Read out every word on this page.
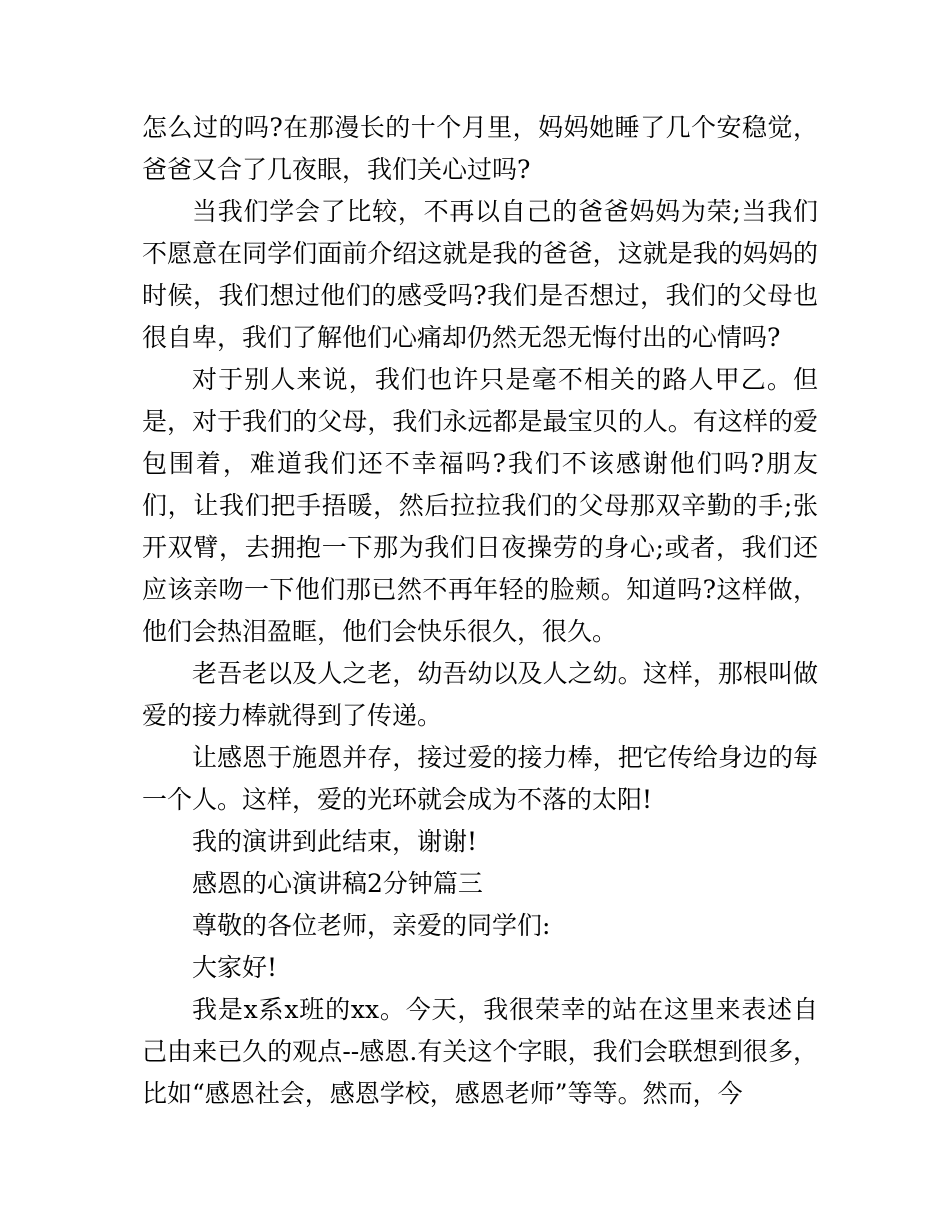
怎么过的吗?在那漫长的十个月里，妈妈她睡了几个安稳觉，爸爸又合了几夜眼，我们关心过吗?

当我们学会了比较，不再以自己的爸爸妈妈为荣;当我们不愿意在同学们面前介绍这就是我的爸爸，这就是我的妈妈的时候，我们想过他们的感受吗?我们是否想过，我们的父母也很自卑，我们了解他们心痛却仍然无怨无悔付出的心情吗?

对于别人来说，我们也许只是毫不相关的路人甲乙。但是，对于我们的父母，我们永远都是最宝贝的人。有这样的爱包围着，难道我们还不幸福吗?我们不该感谢他们吗?朋友们，让我们把手捂暖，然后拉拉我们的父母那双辛勤的手;张开双臂，去拥抱一下那为我们日夜操劳的身心;或者，我们还应该亲吻一下他们那已然不再年轻的脸颊。知道吗?这样做，他们会热泪盈眶，他们会快乐很久，很久。

老吾老以及人之老，幼吾幼以及人之幼。这样，那根叫做爱的接力棒就得到了传递。

让感恩于施恩并存，接过爱的接力棒，把它传给身边的每一个人。这样，爱的光环就会成为不落的太阳!

我的演讲到此结束，谢谢!

感恩的心演讲稿2分钟篇三

尊敬的各位老师，亲爱的同学们:

大家好!

我是x系x班的xx。今天，我很荣幸的站在这里来表述自己由来已久的观点--感恩.有关这个字眼，我们会联想到很多，比如“感恩社会，感恩学校，感恩老师”等等。然而，今
